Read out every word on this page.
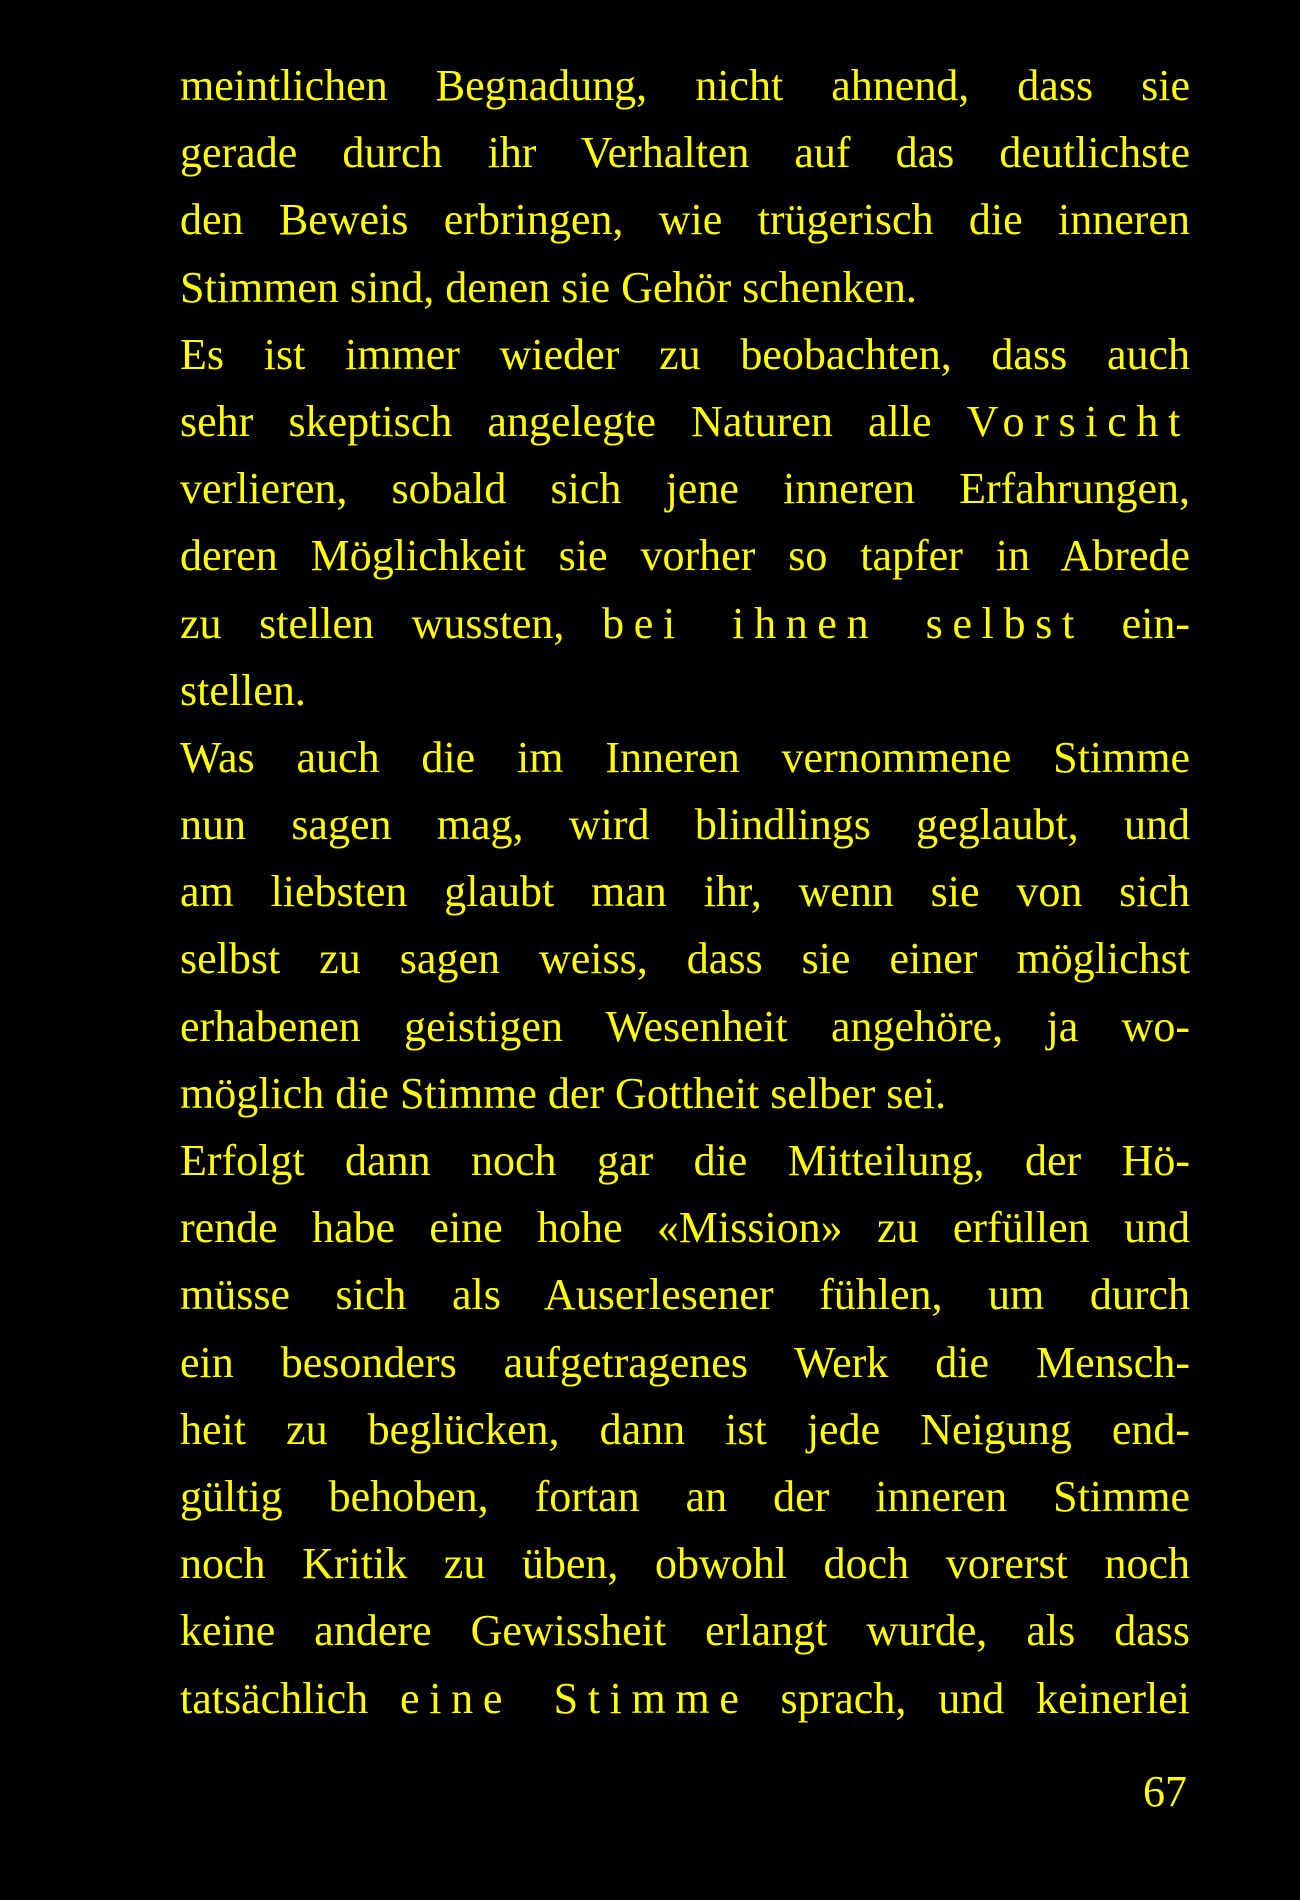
meintlichen Begnadung, nicht ahnend, dass sie
gerade durch ihr Verhalten auf das deutlichste
den Beweis erbringen, wie trügerisch die inneren
Stimmen sind, denen sie Gehör schenken.
Es ist immer wieder zu beobachten, dass auch
sehr skeptisch angelegte Naturen alle Vorsicht
verlieren, sobald sich jene inneren Erfahrungen,
deren Möglichkeit sie vorher so tapfer in Abrede
zu stellen wussten, bei ihnen selbst ein-
stellen.
Was auch die im Inneren vernommene Stimme
nun sagen mag, wird blindlings geglaubt, und
am liebsten glaubt man ihr, wenn sie von sich
selbst zu sagen weiss, dass sie einer möglichst
erhabenen geistigen Wesenheit angehöre, ja wo-
möglich die Stimme der Gottheit selber sei.
Erfolgt dann noch gar die Mitteilung, der Hö-
rende habe eine hohe «Mission» zu erfüllen und
müsse sich als Auserlesener fühlen, um durch
ein besonders aufgetragenes Werk die Mensch-
heit zu beglücken, dann ist jede Neigung end-
gültig behoben, fortan an der inneren Stimme
noch Kritik zu üben, obwohl doch vorerst noch
keine andere Gewissheit erlangt wurde, als dass
tatsächlich eine Stimme sprach, und keinerlei
67
